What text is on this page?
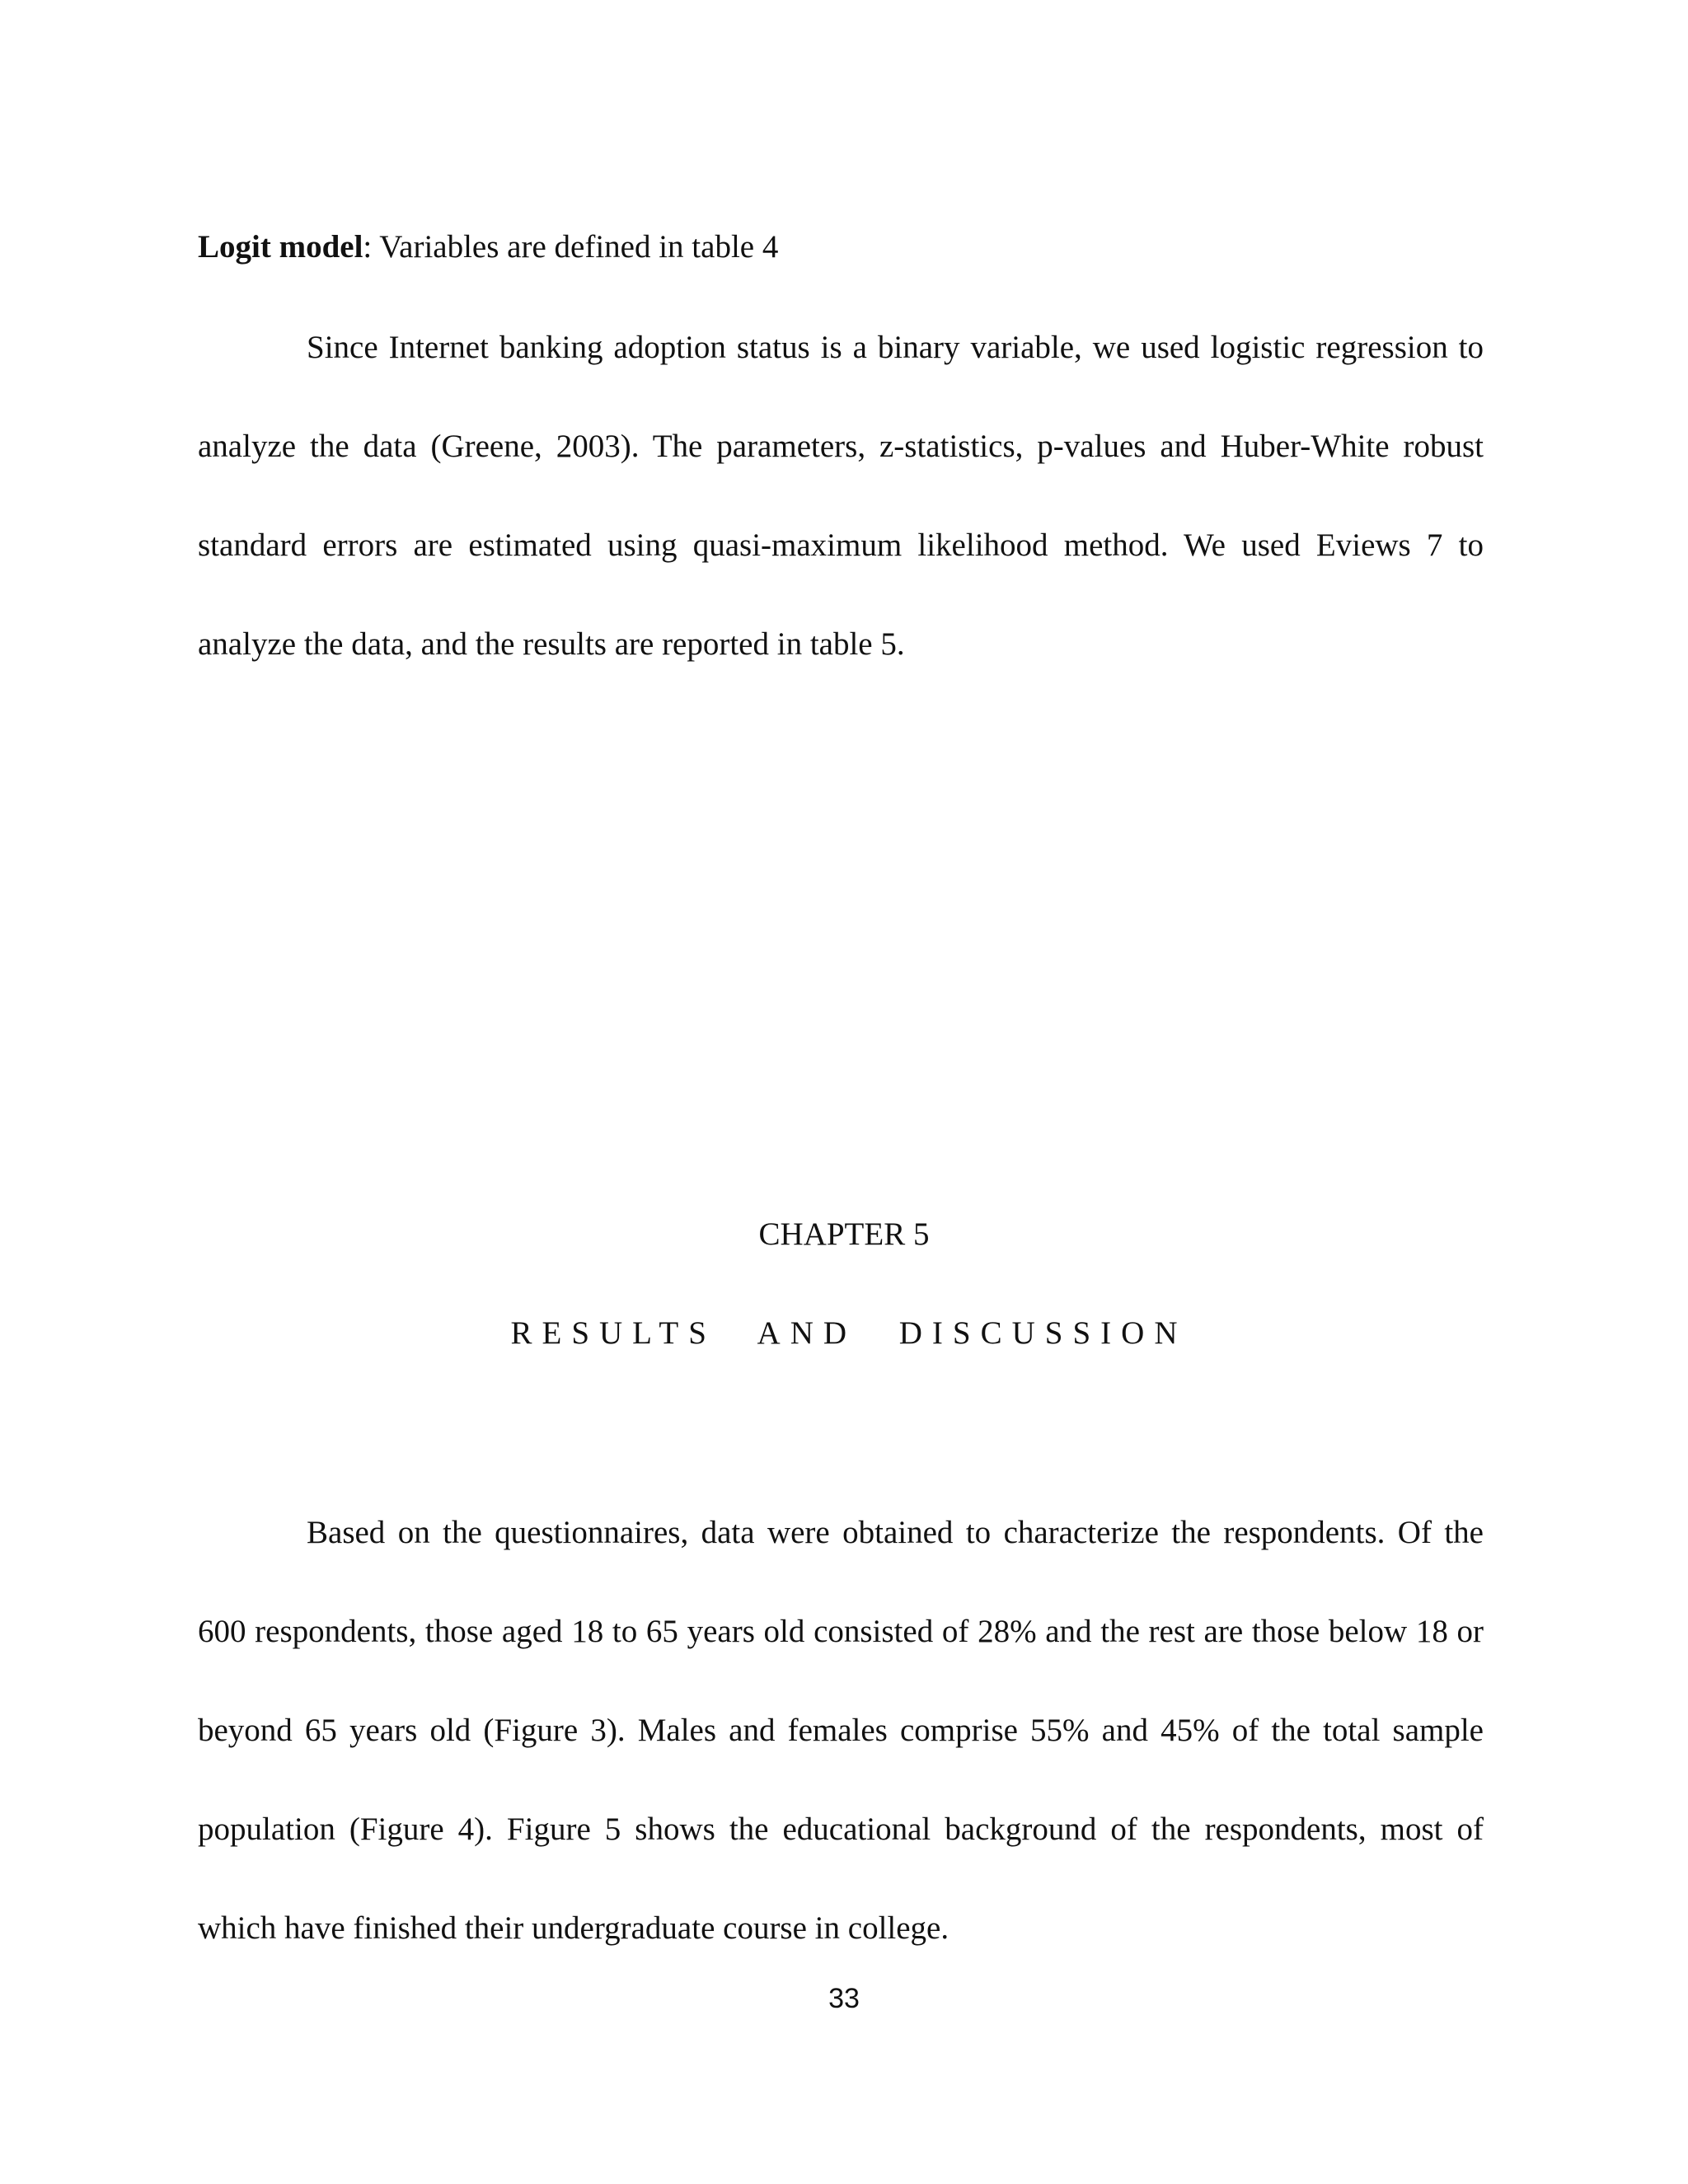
Logit model: Variables are defined in table 4

Since Internet banking adoption status is a binary variable, we used logistic regression to analyze the data (Greene, 2003). The parameters, z-statistics, p-values and Huber-White robust standard errors are estimated using quasi-maximum likelihood method. We used Eviews 7 to analyze the data, and the results are reported in table 5.

CHAPTER 5
RESULTS AND DISCUSSION

Based on the questionnaires, data were obtained to characterize the respondents. Of the 600 respondents, those aged 18 to 65 years old consisted of 28% and the rest are those below 18 or beyond 65 years old (Figure 3). Males and females comprise 55% and 45% of the total sample population (Figure 4). Figure 5 shows the educational background of the respondents, most of which have finished their undergraduate course in college.

33
